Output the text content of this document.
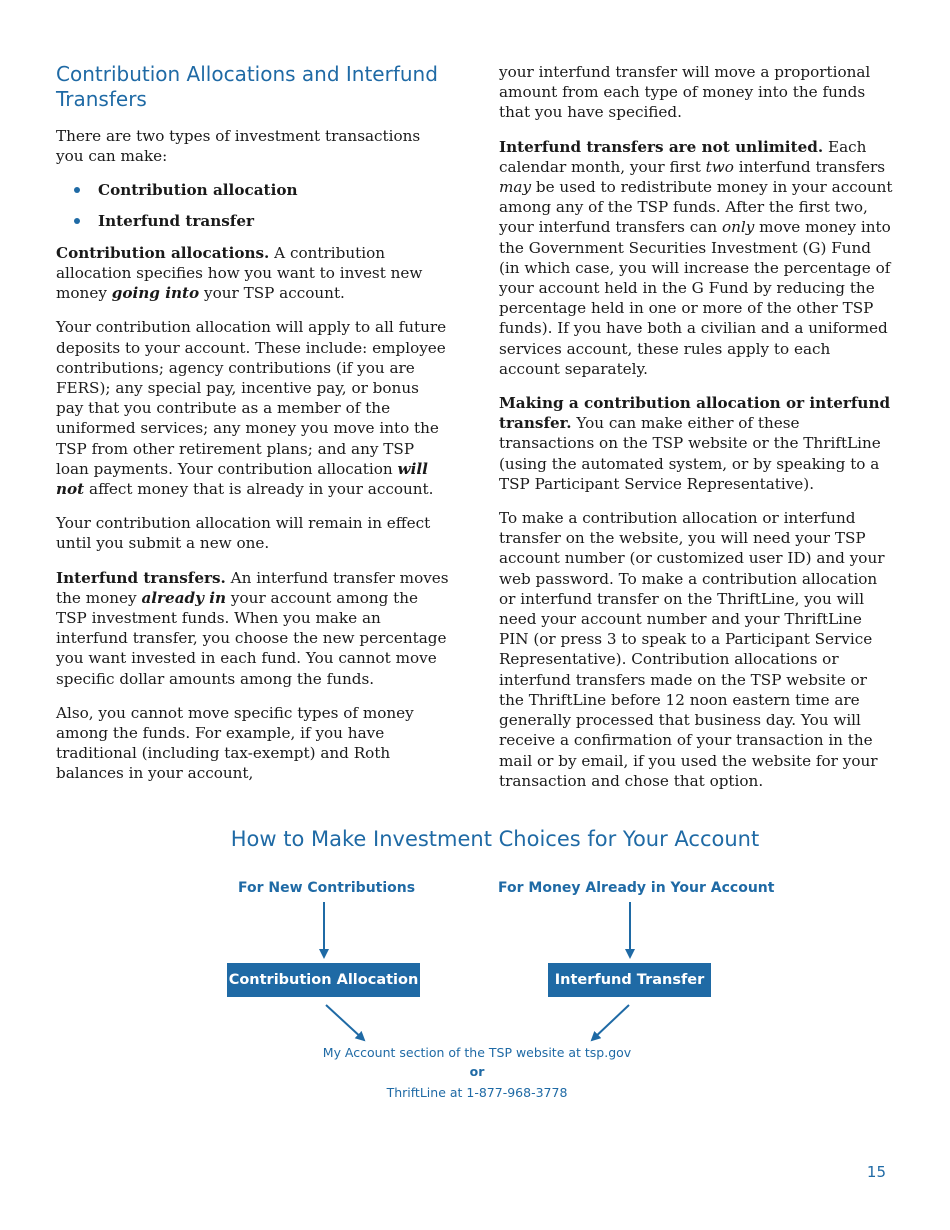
Contribution Allocations and Interfund Transfers

There are two types of investment transactions you can make:

Contribution allocation
Interfund transfer

Contribution allocations. A contribution allocation specifies how you want to invest new money going into your TSP account.

Your contribution allocation will apply to all future deposits to your account. These include: employee contributions; agency contributions (if you are FERS); any special pay, incentive pay, or bonus pay that you contribute as a member of the uniformed services; any money you move into the TSP from other retirement plans; and any TSP loan payments. Your contribution allocation will not affect money that is already in your account.

Your contribution allocation will remain in effect until you submit a new one.

Interfund transfers. An interfund transfer moves the money already in your account among the TSP investment funds. When you make an interfund transfer, you choose the new percentage you want invested in each fund. You cannot move specific dollar amounts among the funds.

Also, you cannot move specific types of money among the funds. For example, if you have traditional (including tax-exempt) and Roth balances in your account,

your interfund transfer will move a proportional amount from each type of money into the funds that you have specified.

Interfund transfers are not unlimited. Each calendar month, your first two interfund transfers may be used to redistribute money in your account among any of the TSP funds. After the first two, your interfund transfers can only move money into the Government Securities Investment (G) Fund (in which case, you will increase the percentage of your account held in the G Fund by reducing the percentage held in one or more of the other TSP funds). If you have both a civilian and a uniformed services account, these rules apply to each account separately.

Making a contribution allocation or interfund transfer. You can make either of these transactions on the TSP website or the ThriftLine (using the automated system, or by speaking to a TSP Participant Service Representative).

To make a contribution allocation or interfund transfer on the website, you will need your TSP account number (or customized user ID) and your web password. To make a contribution allocation or interfund transfer on the ThriftLine, you will need your account number and your ThriftLine PIN (or press 3 to speak to a Participant Service Representative). Contribution allocations or interfund transfers made on the TSP website or the ThriftLine before 12 noon eastern time are generally processed that business day. You will receive a confirmation of your transaction in the mail or by email, if you used the website for your transaction and chose that option.

How to Make Investment Choices for Your Account
For New Contributions	For Money Already in Your Account
Contribution Allocation	Interfund Transfer
My Account section of the TSP website at tsp.gov
or
ThriftLine at 1-877-968-3778
15
